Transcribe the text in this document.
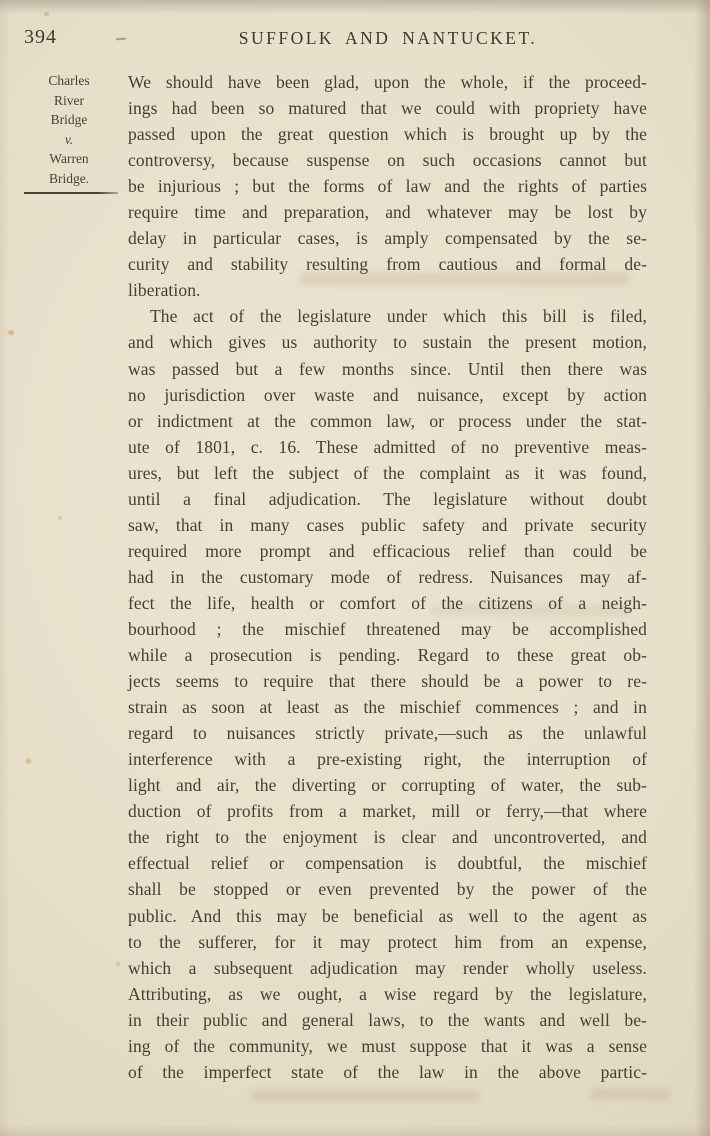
394	SUFFOLK AND NANTUCKET.
Charles
River
Bridge
v.
Warren
Bridge.
We should have been glad, upon the whole, if the proceed-
ings had been so matured that we could with propriety have
passed upon the great question which is brought up by the
controversy, because suspense on such occasions cannot but
be injurious ; but the forms of law and the rights of parties
require time and preparation, and whatever may be lost by
delay in particular cases, is amply compensated by the se-
curity and stability resulting from cautious and formal de-
liberation.
The act of the legislature under which this bill is filed,
and which gives us authority to sustain the present motion,
was passed but a few months since. Until then there was
no jurisdiction over waste and nuisance, except by action
or indictment at the common law, or process under the stat-
ute of 1801, c. 16. These admitted of no preventive meas-
ures, but left the subject of the complaint as it was found,
until a final adjudication. The legislature without doubt
saw, that in many cases public safety and private security
required more prompt and efficacious relief than could be
had in the customary mode of redress. Nuisances may af-
fect the life, health or comfort of the citizens of a neigh-
bourhood ; the mischief threatened may be accomplished
while a prosecution is pending. Regard to these great ob-
jects seems to require that there should be a power to re-
strain as soon at least as the mischief commences ; and in
regard to nuisances strictly private,—such as the unlawful
interference with a pre-existing right, the interruption of
light and air, the diverting or corrupting of water, the sub-
duction of profits from a market, mill or ferry,—that where
the right to the enjoyment is clear and uncontroverted, and
effectual relief or compensation is doubtful, the mischief
shall be stopped or even prevented by the power of the
public. And this may be beneficial as well to the agent as
to the sufferer, for it may protect him from an expense,
which a subsequent adjudication may render wholly useless.
Attributing, as we ought, a wise regard by the legislature,
in their public and general laws, to the wants and well be-
ing of the community, we must suppose that it was a sense
of the imperfect state of the law in the above partic-
